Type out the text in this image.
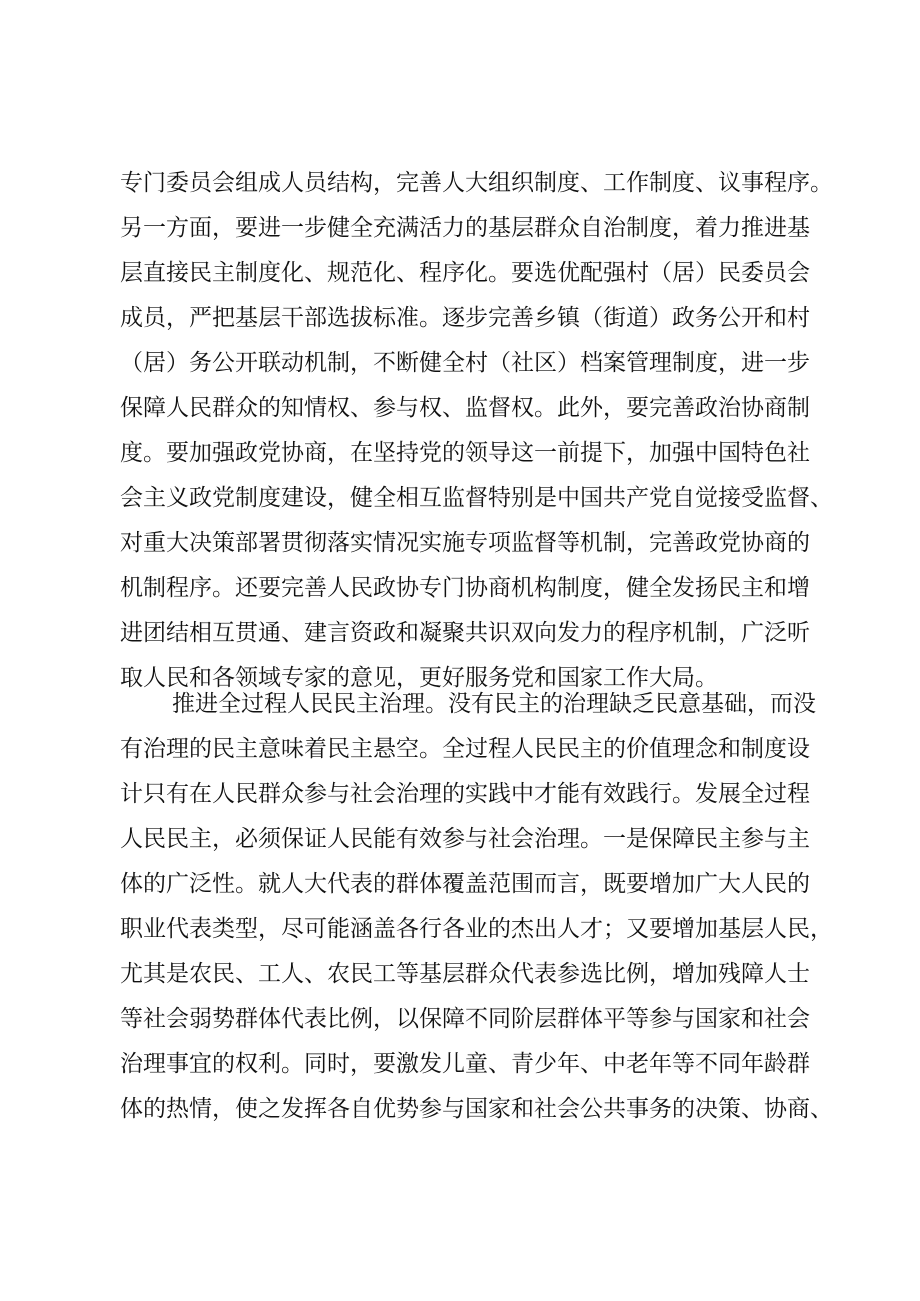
专门委员会组成人员结构，完善人大组织制度、工作制度、议事程序。
另一方面，要进一步健全充满活力的基层群众自治制度，着力推进基
层直接民主制度化、规范化、程序化。要选优配强村（居）民委员会
成员，严把基层干部选拔标准。逐步完善乡镇（街道）政务公开和村
（居）务公开联动机制，不断健全村（社区）档案管理制度，进一步
保障人民群众的知情权、参与权、监督权。此外，要完善政治协商制
度。要加强政党协商，在坚持党的领导这一前提下，加强中国特色社
会主义政党制度建设，健全相互监督特别是中国共产党自觉接受监督、
对重大决策部署贯彻落实情况实施专项监督等机制，完善政党协商的
机制程序。还要完善人民政协专门协商机构制度，健全发扬民主和增
进团结相互贯通、建言资政和凝聚共识双向发力的程序机制，广泛听
取人民和各领域专家的意见，更好服务党和国家工作大局。
推进全过程人民民主治理。没有民主的治理缺乏民意基础，而没
有治理的民主意味着民主悬空。全过程人民民主的价值理念和制度设
计只有在人民群众参与社会治理的实践中才能有效践行。发展全过程
人民民主，必须保证人民能有效参与社会治理。一是保障民主参与主
体的广泛性。就人大代表的群体覆盖范围而言，既要增加广大人民的
职业代表类型，尽可能涵盖各行各业的杰出人才；又要增加基层人民，
尤其是农民、工人、农民工等基层群众代表参选比例，增加残障人士
等社会弱势群体代表比例，以保障不同阶层群体平等参与国家和社会
治理事宜的权利。同时，要激发儿童、青少年、中老年等不同年龄群
体的热情，使之发挥各自优势参与国家和社会公共事务的决策、协商、
